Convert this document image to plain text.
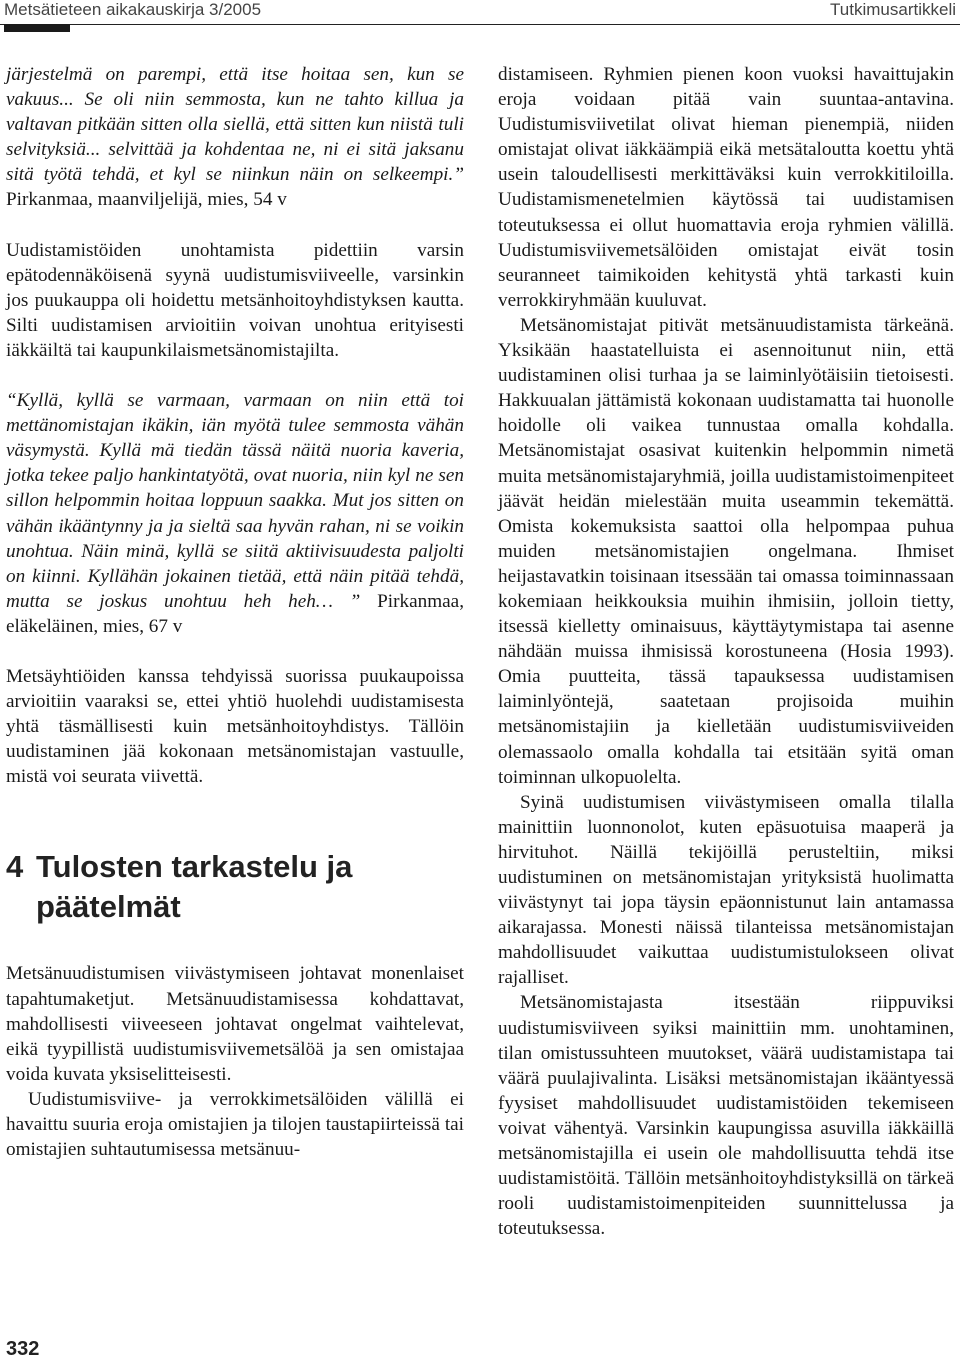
Metsätieteen aikakauskirja 3/2005	Tutkimusartikkeli

järjestelmä on parempi, että itse hoitaa sen, kun se vakuus... Se oli niin semmosta, kun ne tahto killua ja valtavan pitkään sitten olla siellä, että sitten kun niistä tuli selvityksiä... selvittää ja kohdentaa ne, ni ei sitä jaksanu sitä työtä tehdä, et kyl se niinkun näin on selkeempi.” Pirkanmaa, maanviljelijä, mies, 54 v

Uudistamistöiden unohtamista pidettiin varsin epätodennäköisenä syynä uudistumisviiveelle, varsinkin jos puukauppa oli hoidettu metsänhoitoyhdistyksen kautta. Silti uudistamisen arvioitiin voivan unohtua erityisesti iäkkäiltä tai kaupunkilaismetsänomistajilta.

“Kyllä, kyllä se varmaan, varmaan on niin että toi mettänomistajan ikäkin, iän myötä tulee semmosta vähän väsymystä. Kyllä mä tiedän tässä näitä nuoria kaveria, jotka tekee paljo hankintatyötä, ovat nuoria, niin kyl ne sen sillon helpommin hoitaa loppuun saakka. Mut jos sitten on vähän ikääntynny ja ja sieltä saa hyvän rahan, ni se voikin unohtua. Näin minä, kyllä se siitä aktiivisuudesta paljolti on kiinni. Kyllähän jokainen tietää, että näin pitää tehdä, mutta se joskus unohtuu heh heh… ” Pirkanmaa, eläkeläinen, mies, 67 v

Metsäyhtiöiden kanssa tehdyissä suorissa puukaupoissa arvioitiin vaaraksi se, ettei yhtiö huolehdi uudistamisesta yhtä täsmällisesti kuin metsänhoitoyhdistys. Tällöin uudistaminen jää kokonaan metsänomistajan vastuulle, mistä voi seurata viivettä.

4 Tulosten tarkastelu ja
päätelmät

Metsänuudistumisen viivästymiseen johtavat monenlaiset tapahtumaketjut. Metsänuudistamisessa kohdattavat, mahdollisesti viiveeseen johtavat ongelmat vaihtelevat, eikä tyypillistä uudistumisviivemetsälöä ja sen omistajaa voida kuvata yksiselitteisesti.

Uudistumisviive- ja verrokkimetsälöiden välillä ei havaittu suuria eroja omistajien ja tilojen taustapiirteissä tai omistajien suhtautumisessa metsänuu-

distamiseen. Ryhmien pienen koon vuoksi havaittujakin eroja voidaan pitää vain suuntaa-antavina. Uudistumisviivetilat olivat hieman pienempiä, niiden omistajat olivat iäkkäämpiä eikä metsätaloutta koettu yhtä usein taloudellisesti merkittäväksi kuin verrokkitiloilla. Uudistamismenetelmien käytössä tai uudistamisen toteutuksessa ei ollut huomattavia eroja ryhmien välillä. Uudistumisviivemetsälöiden omistajat eivät tosin seuranneet taimikoiden kehitystä yhtä tarkasti kuin verrokkiryhmään kuuluvat.

Metsänomistajat pitivät metsänuudistamista tärkeänä. Yksikään haastatelluista ei asennoitunut niin, että uudistaminen olisi turhaa ja se laiminlyötäisiin tietoisesti. Hakkuualan jättämistä kokonaan uudistamatta tai huonolle hoidolle oli vaikea tunnustaa omalla kohdalla. Metsänomistajat osasivat kuitenkin helpommin nimetä muita metsänomistajaryhmiä, joilla uudistamistoimenpiteet jäävät heidän mielestään muita useammin tekemättä. Omista kokemuksista saattoi olla helpompaa puhua muiden metsänomistajien ongelmana. Ihmiset heijastavatkin toisinaan itsessään tai omassa toiminnassaan kokemiaan heikkouksia muihin ihmisiin, jolloin tietty, itsessä kielletty ominaisuus, käyttäytymistapa tai asenne nähdään muissa ihmisissä korostuneena (Hosia 1993). Omia puutteita, tässä tapauksessa uudistamisen laiminlyöntejä, saatetaan projisoida muihin metsänomistajiin ja kielletään uudistumisviiveiden olemassaolo omalla kohdalla tai etsitään syitä oman toiminnan ulkopuolelta.

Syinä uudistumisen viivästymiseen omalla tilalla mainittiin luonnonolot, kuten epäsuotuisa maaperä ja hirvituhot. Näillä tekijöillä perusteltiin, miksi uudistuminen on metsänomistajan yrityksistä huolimatta viivästynyt tai jopa täysin epäonnistunut lain antamassa aikarajassa. Monesti näissä tilanteissa metsänomistajan mahdollisuudet vaikuttaa uudistumistulokseen olivat rajalliset.

Metsänomistajasta itsestään riippuviksi uudistumisviiveen syiksi mainittiin mm. unohtaminen, tilan omistussuhteen muutokset, väärä uudistamistapa tai väärä puulajivalinta. Lisäksi metsänomistajan ikääntyessä fyysiset mahdollisuudet uudistamistöiden tekemiseen voivat vähentyä. Varsinkin kaupungissa asuvilla iäkkäillä metsänomistajilla ei usein ole mahdollisuutta tehdä itse uudistamistöitä. Tällöin metsänhoitoyhdistyksillä on tärkeä rooli uudistamistoimenpiteiden suunnittelussa ja toteutuksessa.

332
